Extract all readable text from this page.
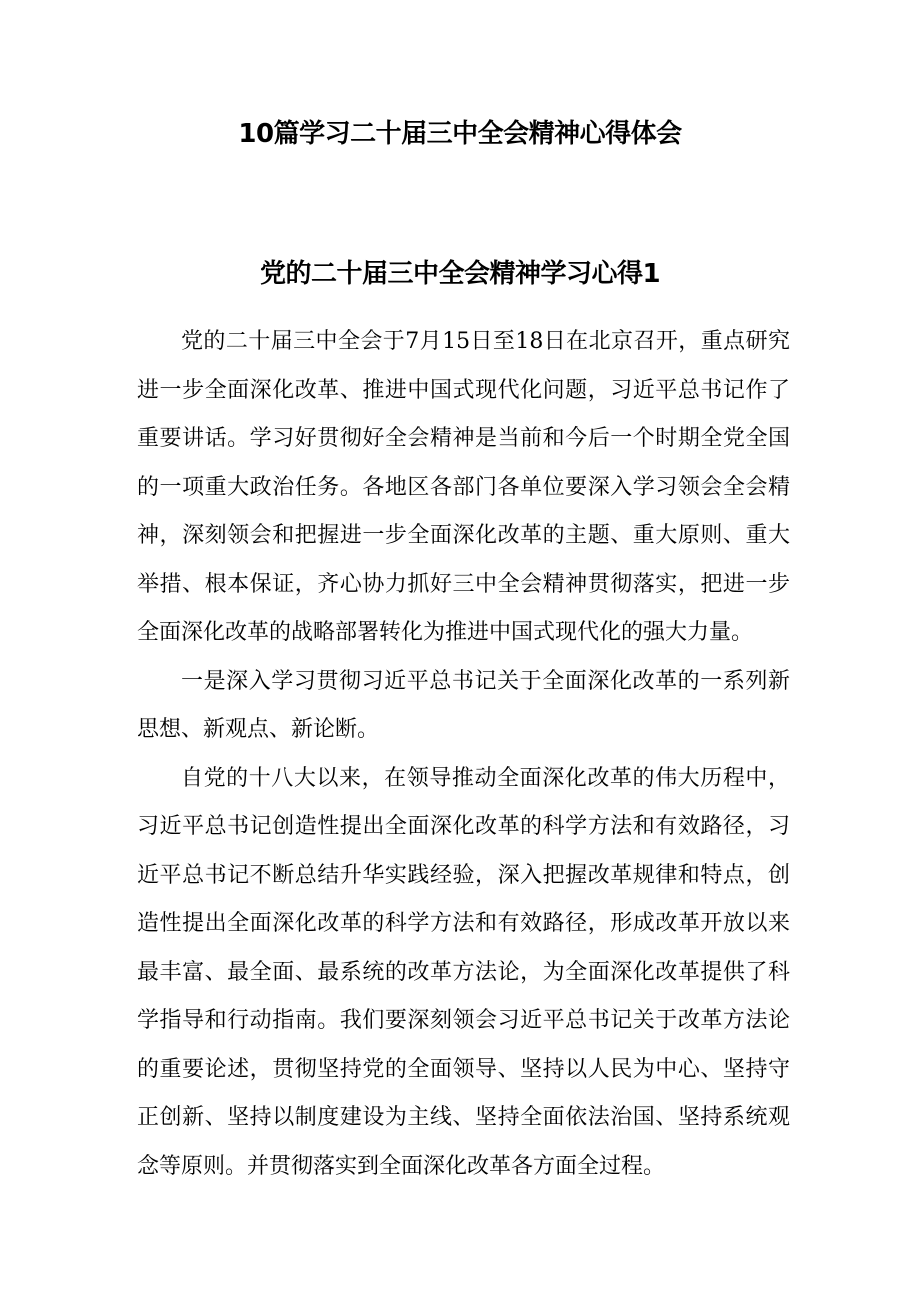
10篇学习二十届三中全会精神心得体会
党的二十届三中全会精神学习心得1

党的二十届三中全会于7月15日至18日在北京召开，重点研究进一步全面深化改革、推进中国式现代化问题，习近平总书记作了重要讲话。学习好贯彻好全会精神是当前和今后一个时期全党全国的一项重大政治任务。各地区各部门各单位要深入学习领会全会精神，深刻领会和把握进一步全面深化改革的主题、重大原则、重大举措、根本保证，齐心协力抓好三中全会精神贯彻落实，把进一步全面深化改革的战略部署转化为推进中国式现代化的强大力量。

一是深入学习贯彻习近平总书记关于全面深化改革的一系列新思想、新观点、新论断。

自党的十八大以来，在领导推动全面深化改革的伟大历程中，习近平总书记创造性提出全面深化改革的科学方法和有效路径，习近平总书记不断总结升华实践经验，深入把握改革规律和特点，创造性提出全面深化改革的科学方法和有效路径，形成改革开放以来最丰富、最全面、最系统的改革方法论，为全面深化改革提供了科学指导和行动指南。我们要深刻领会习近平总书记关于改革方法论的重要论述，贯彻坚持党的全面领导、坚持以人民为中心、坚持守正创新、坚持以制度建设为主线、坚持全面依法治国、坚持系统观念等原则。并贯彻落实到全面深化改革各方面全过程。
